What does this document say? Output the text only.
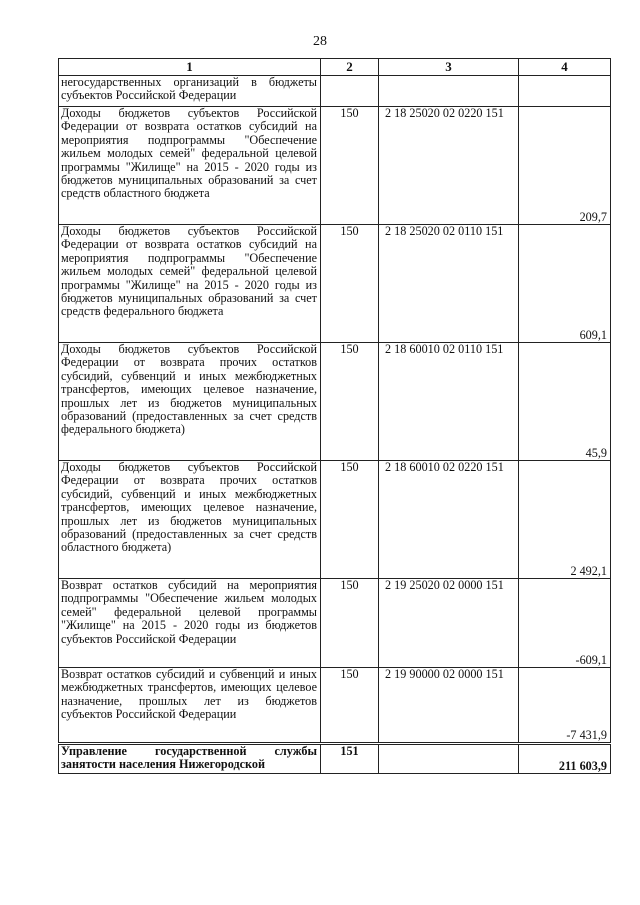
28
1	2	3	4
негосударственных организаций в бюджеты субъектов Российской Федерации			
Доходы бюджетов субъектов Российской Федерации от возврата остатков субсидий на мероприятия подпрограммы "Обеспечение жильем молодых семей" федеральной целевой программы "Жилище" на 2015 - 2020 годы из бюджетов муниципальных образований за счет средств областного бюджета	150	2 18 25020 02 0220 151	209,7
Доходы бюджетов субъектов Российской Федерации от возврата остатков субсидий на мероприятия подпрограммы "Обеспечение жильем молодых семей" федеральной целевой программы "Жилище" на 2015 - 2020 годы из бюджетов муниципальных образований за счет средств федерального бюджета	150	2 18 25020 02 0110 151	609,1
Доходы бюджетов субъектов Российской Федерации от возврата прочих остатков субсидий, субвенций и иных межбюджетных трансфертов, имеющих целевое назначение, прошлых лет из бюджетов муниципальных образований (предоставленных за счет средств федерального бюджета)	150	2 18 60010 02 0110 151	45,9
Доходы бюджетов субъектов Российской Федерации от возврата прочих остатков субсидий, субвенций и иных межбюджетных трансфертов, имеющих целевое назначение, прошлых лет из бюджетов муниципальных образований (предоставленных за счет средств областного бюджета)	150	2 18 60010 02 0220 151	2 492,1
Возврат остатков субсидий на мероприятия подпрограммы "Обеспечение жильем молодых семей" федеральной целевой программы "Жилище" на 2015 - 2020 годы из бюджетов субъектов Российской Федерации	150	2 19 25020 02 0000 151	-609,1
Возврат остатков субсидий и субвенций и иных межбюджетных трансфертов, имеющих целевое назначение, прошлых лет из бюджетов субъектов Российской Федерации	150	2 19 90000 02 0000 151	-7 431,9
Управление государственной службы занятости населения Нижегородской	151		211 603,9
